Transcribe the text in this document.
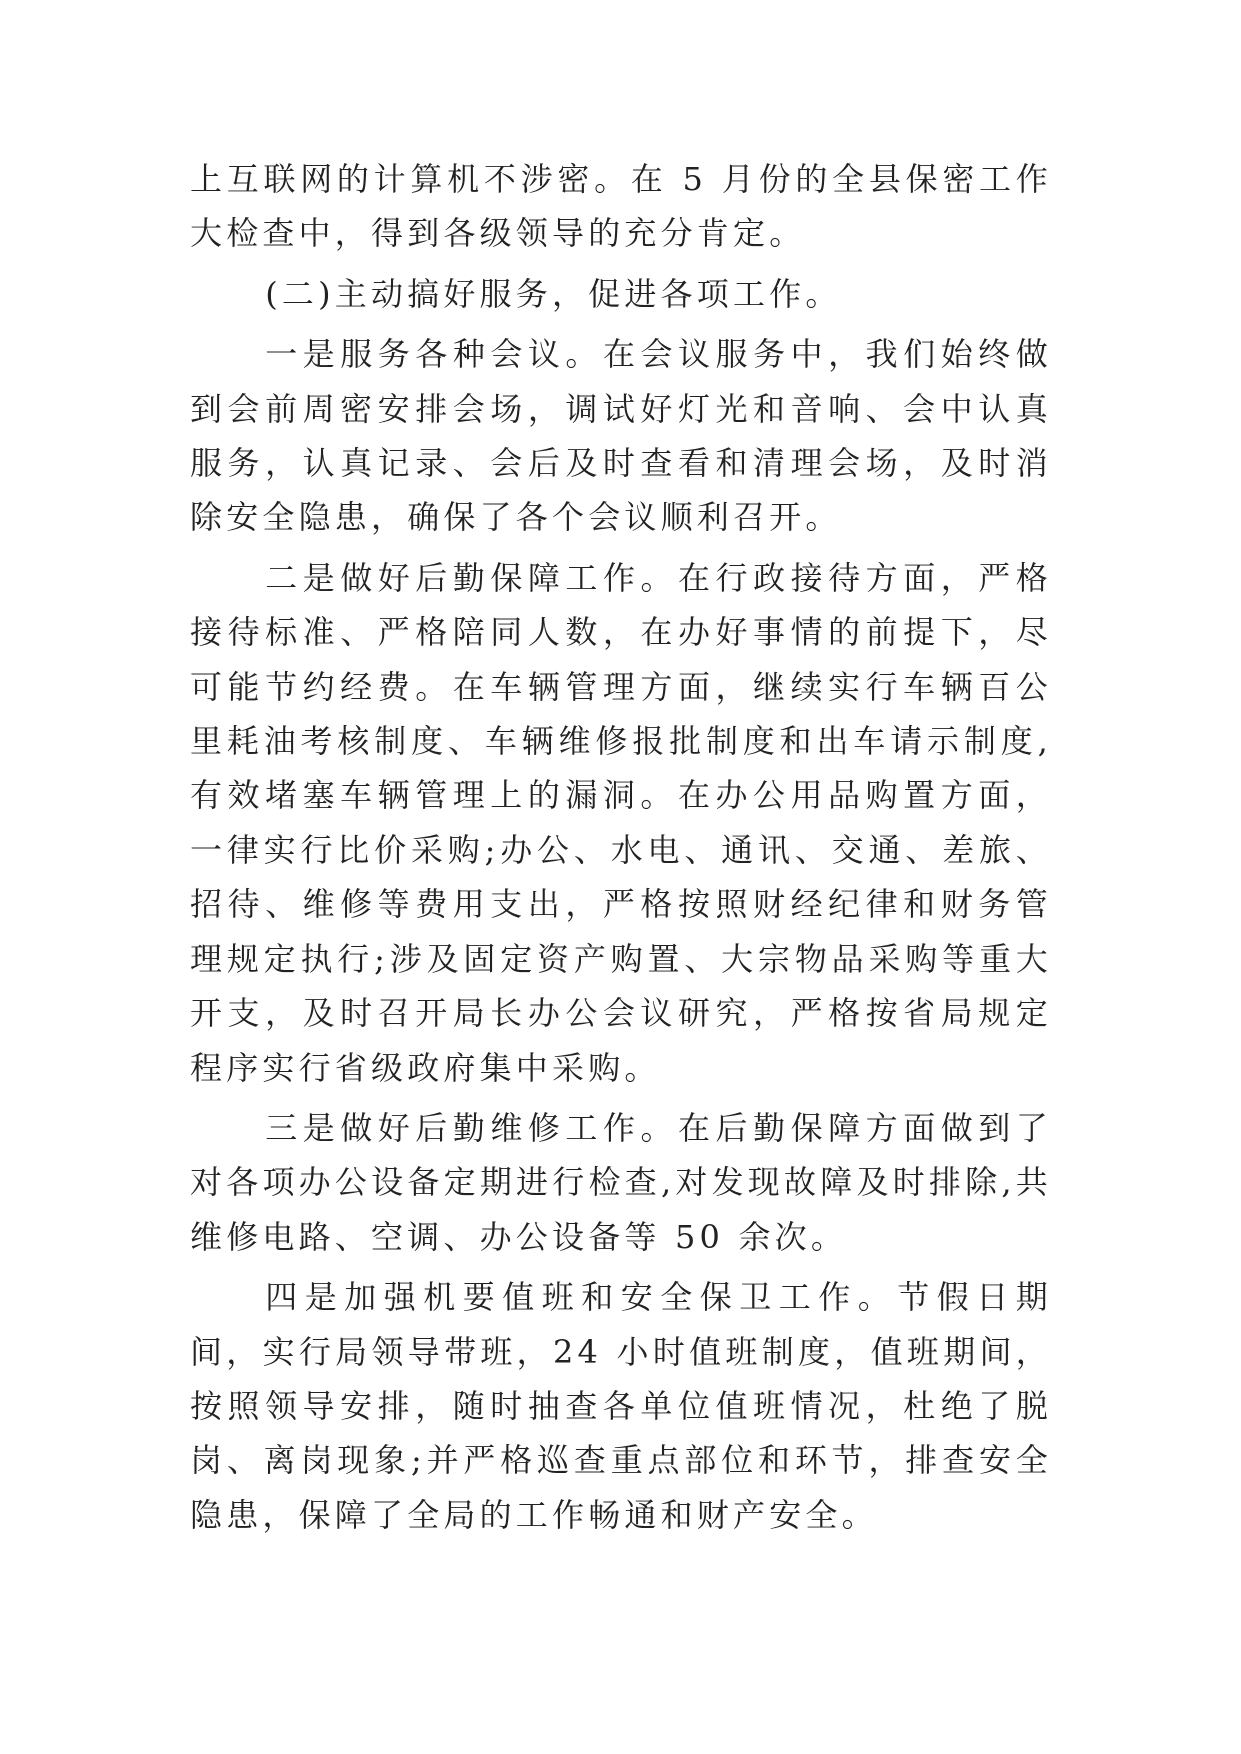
上互联网的计算机不涉密。在 5 月份的全县保密工作大检查中，得到各级领导的充分肯定。

(二)主动搞好服务，促进各项工作。

一是服务各种会议。在会议服务中，我们始终做到会前周密安排会场，调试好灯光和音响、会中认真服务，认真记录、会后及时查看和清理会场，及时消除安全隐患，确保了各个会议顺利召开。

二是做好后勤保障工作。在行政接待方面，严格接待标准、严格陪同人数，在办好事情的前提下，尽可能节约经费。在车辆管理方面，继续实行车辆百公里耗油考核制度、车辆维修报批制度和出车请示制度,有效堵塞车辆管理上的漏洞。在办公用品购置方面，一律实行比价采购;办公、水电、通讯、交通、差旅、招待、维修等费用支出，严格按照财经纪律和财务管理规定执行;涉及固定资产购置、大宗物品采购等重大开支，及时召开局长办公会议研究，严格按省局规定程序实行省级政府集中采购。

三是做好后勤维修工作。在后勤保障方面做到了对各项办公设备定期进行检查,对发现故障及时排除,共维修电路、空调、办公设备等 50 余次。

四是加强机要值班和安全保卫工作。节假日期间，实行局领导带班，24 小时值班制度，值班期间，按照领导安排，随时抽查各单位值班情况，杜绝了脱岗、离岗现象;并严格巡查重点部位和环节，排查安全隐患，保障了全局的工作畅通和财产安全。
